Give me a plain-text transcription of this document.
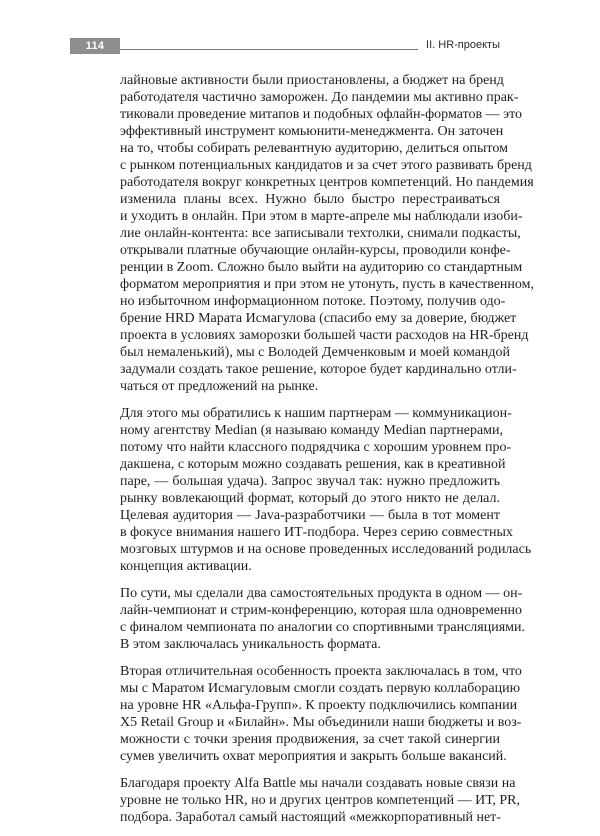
114	II. HR-проекты

лайновые активности были приостановлены, а бюджет на бренд
работодателя частично заморожен. До пандемии мы активно прак-
тиковали проведение митапов и подобных офлайн-форматов — это
эффективный инструмент комьюнити-менеджмента. Он заточен
на то, чтобы собирать релевантную аудиторию, делиться опытом
с рынком потенциальных кандидатов и за счет этого развивать бренд
работодателя вокруг конкретных центров компетенций. Но пандемия
изменила планы всех. Нужно было быстро перестраиваться
и уходить в онлайн. При этом в марте-апреле мы наблюдали изоби-
лие онлайн-контента: все записывали техтолки, снимали подкасты,
открывали платные обучающие онлайн-курсы, проводили конфе-
ренции в Zoom. Сложно было выйти на аудиторию со стандартным
форматом мероприятия и при этом не утонуть, пусть в качественном,
но избыточном информационном потоке. Поэтому, получив одо-
брение HRD Марата Исмагулова (спасибо ему за доверие, бюджет
проекта в условиях заморозки большей части расходов на HR-бренд
был немаленький), мы с Володей Демченковым и моей командой
задумали создать такое решение, которое будет кардинально отли-
чаться от предложений на рынке.

Для этого мы обратились к нашим партнерам — коммуникацион-
ному агентству Median (я называю команду Median партнерами,
потому что найти классного подрядчика с хорошим уровнем про-
дакшена, с которым можно создавать решения, как в креативной
паре, — большая удача). Запрос звучал так: нужно предложить
рынку вовлекающий формат, который до этого никто не делал.
Целевая аудитория — Java-разработчики — была в тот момент
в фокусе внимания нашего ИТ-подбора. Через серию совместных
мозговых штурмов и на основе проведенных исследований родилась
концепция активации.

По сути, мы сделали два самостоятельных продукта в одном — он-
лайн-чемпионат и стрим-конференцию, которая шла одновременно
с финалом чемпионата по аналогии со спортивными трансляциями.
В этом заключалась уникальность формата.

Вторая отличительная особенность проекта заключалась в том, что
мы с Маратом Исмагуловым смогли создать первую коллаборацию
на уровне HR «Альфа-Групп». К проекту подключились компании
X5 Retail Group и «Билайн». Мы объединили наши бюджеты и воз-
можности с точки зрения продвижения, за счет такой синергии
сумев увеличить охват мероприятия и закрыть больше вакансий.

Благодаря проекту Alfa Battle мы начали создавать новые связи на
уровне не только HR, но и других центров компетенций — ИТ, PR,
подбора. Заработал самый настоящий «межкорпоративный нет-
